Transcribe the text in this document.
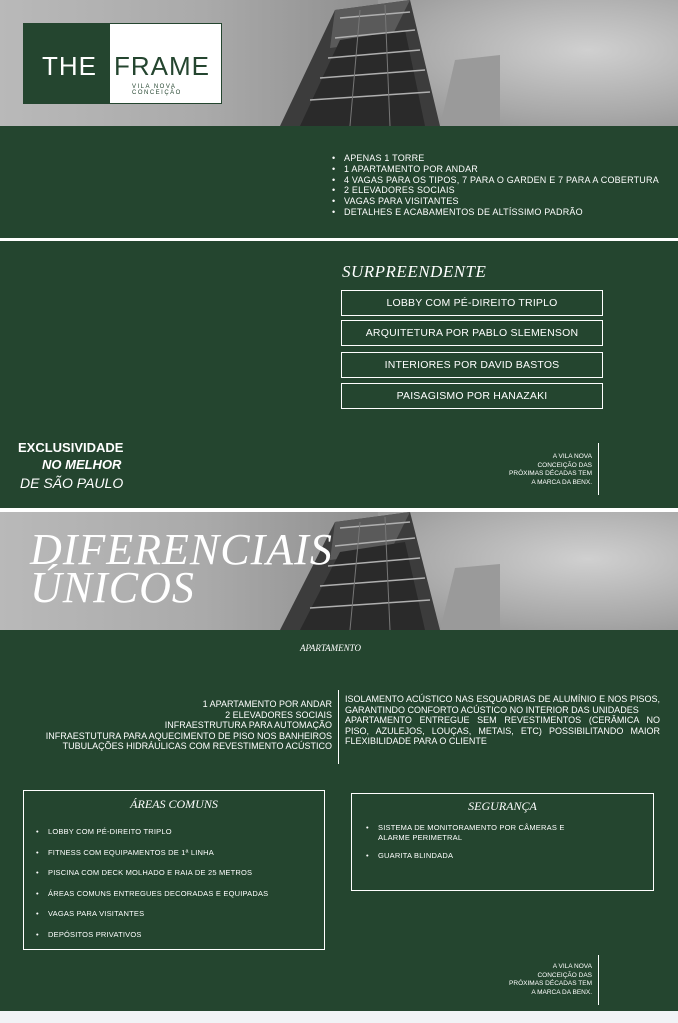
THE FRAME
VILA NOVA CONCEIÇÃO
• APENAS 1 TORRE
• 1 APARTAMENTO POR ANDAR
• 4 VAGAS PARA OS TIPOS, 7 PARA O GARDEN E 7 PARA A COBERTURA
• 2 ELEVADORES SOCIAIS
• VAGAS PARA VISITANTES
• DETALHES E ACABAMENTOS DE ALTÍSSIMO PADRÃO
SURPREENDENTE
LOBBY COM PÉ-DIREITO TRIPLO
ARQUITETURA POR PABLO SLEMENSON
INTERIORES POR DAVID BASTOS
PAISAGISMO POR HANAZAKI
EXCLUSIVIDADE
NO MELHOR
DE SÃO PAULO
A VILA NOVA
CONCEIÇÃO DAS
PRÓXIMAS DÉCADAS TEM
A MARCA DA BENX.
DIFERENCIAIS
ÚNICOS
APARTAMENTO
1 APARTAMENTO POR ANDAR
2 ELEVADORES SOCIAIS
INFRAESTRUTURA PARA AUTOMAÇÃO
INFRAESTUTURA PARA AQUECIMENTO DE PISO NOS BANHEIROS
TUBULAÇÕES HIDRÁULICAS COM REVESTIMENTO ACÚSTICO
ISOLAMENTO ACÚSTICO NAS ESQUADRIAS DE ALUMÍNIO E NOS PISOS, GARANTINDO CONFORTO ACÚSTICO NO INTERIOR DAS UNIDADES
APARTAMENTO ENTREGUE SEM REVESTIMENTOS (CERÂMICA NO PISO, AZULEJOS, LOUÇAS, METAIS, ETC) POSSIBILITANDO MAIOR FLEXIBILIDADE PARA O CLIENTE
ÁREAS COMUNS
• LOBBY COM PÉ-DIREITO TRIPLO
• FITNESS COM EQUIPAMENTOS DE 1ª LINHA
• PISCINA COM DECK MOLHADO E RAIA DE 25 METROS
• ÁREAS COMUNS ENTREGUES DECORADAS E EQUIPADAS
• VAGAS PARA VISITANTES
• DEPÓSITOS PRIVATIVOS
SEGURANÇA
• SISTEMA DE MONITORAMENTO POR CÂMERAS E ALARME PERIMETRAL
• GUARITA BLINDADA
A VILA NOVA
CONCEIÇÃO DAS
PRÓXIMAS DÉCADAS TEM
A MARCA DA BENX.
